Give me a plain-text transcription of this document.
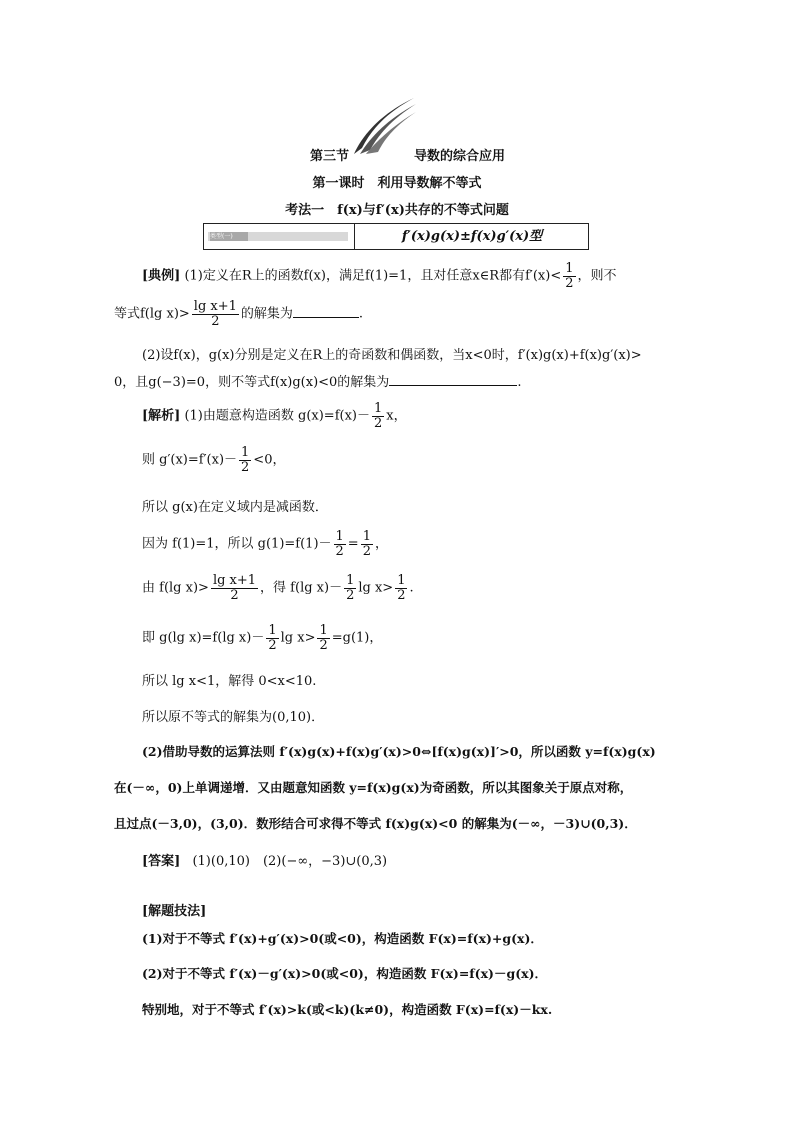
第三节	导数的综合应用
第一课时　利用导数解不等式
考法一　f(x)与f′(x)共存的不等式问题
类型(一)	f′(x)g(x)±f(x)g′(x)型
[典例] (1)定义在R上的函数f(x)，满足f(1)=1，且对任意x∈R都有$f'(x)< \frac{1}{2}$ ，则不
等式f(lg $x)> \frac{\text{lg x+1}}{2}$ 的解集为	.
(2)设f(x)，g(x)分别是定义在R上的奇函数和偶函数，当x<0时，f′(x)g(x)+f(x)g′(x)>
0，且g(−3)=0，则不等式f(x)g(x)<0的解集为	.
[解析] (1)由题意构造函数 $g(x)=f(x)- \frac{1}{2}$ x，
则 $g'(x)=f'(x)- \frac{1}{2} <0$，
所以 g(x)在定义域内是减函数．
因为 f(1)=1，所以 $g(1)=f(1)- \frac{1}{2} = \frac{1}{2}$ ，
由 f(lg $x)> \frac{\text{lg x+1}}{2}$ ，得 f(lg $x)- \frac{1}{2}$ $\lg x> \frac{1}{2}$ .
即 g(lg x)=f(lg $x)- \frac{1}{2}$ $\lg x> \frac{1}{2} =g(1)$，
所以 lg x<1，解得 0<x<10.
所以原不等式的解集为(0,10)．
(2)借助导数的运算法则 f′(x)g(x)+f(x)g′(x)>0⇔[f(x)g(x)]′>0，所以函数 y=f(x)g(x)
在(－∞，0)上单调递增．又由题意知函数 y=f(x)g(x)为奇函数，所以其图象关于原点对称，
且过点(－3,0)，(3,0)．数形结合可求得不等式 f(x)g(x)<0 的解集为(－∞，－3)∪(0,3)．
[答案] (1)(0,10)　(2)(−∞，−3)∪(0,3)
[解题技法]
(1)对于不等式 f′(x)+g′(x)>0(或<0)，构造函数 F(x)=f(x)+g(x)．
(2)对于不等式 f′(x)－g′(x)>0(或<0)，构造函数 F(x)=f(x)－g(x)．
特别地，对于不等式 f′(x)>k(或<k)(k≠0)，构造函数 F(x)=f(x)－kx.
